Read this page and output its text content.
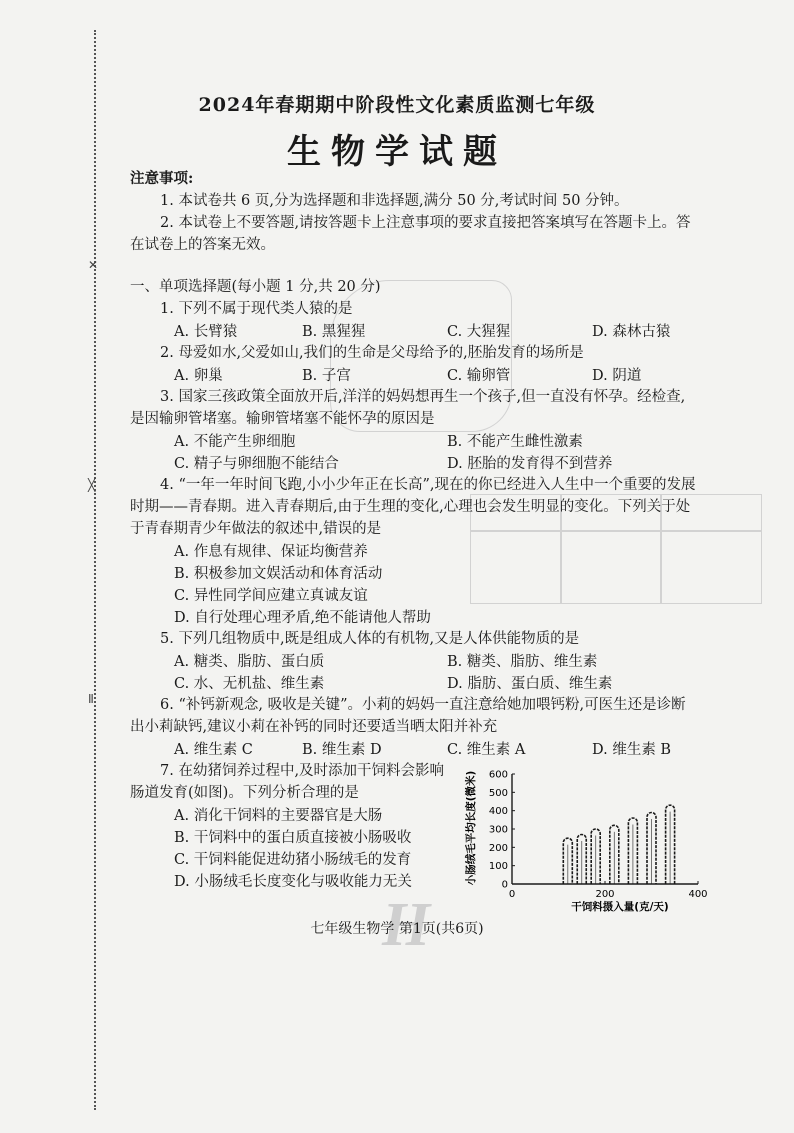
✕
╳
Ⅱ
2024年春期期中阶段性文化素质监测七年级
生物学试题
注意事项:
1. 本试卷共 6 页,分为选择题和非选择题,满分 50 分,考试时间 50 分钟。
2. 本试卷上不要答题,请按答题卡上注意事项的要求直接把答案填写在答题卡上。答
在试卷上的答案无效。
一、单项选择题(每小题 1 分,共 20 分)
1. 下列不属于现代类人猿的是
A. 长臂猿	B. 黑猩猩	C. 大猩猩	D. 森林古猿
2. 母爱如水,父爱如山,我们的生命是父母给予的,胚胎发育的场所是
A. 卵巢	B. 子宫	C. 输卵管	D. 阴道
3. 国家三孩政策全面放开后,洋洋的妈妈想再生一个孩子,但一直没有怀孕。经检查,
是因输卵管堵塞。输卵管堵塞不能怀孕的原因是
A. 不能产生卵细胞	B. 不能产生雌性激素
C. 精子与卵细胞不能结合	D. 胚胎的发育得不到营养
4. “一年一年时间飞跑,小小少年正在长高”,现在的你已经进入人生中一个重要的发展
时期——青春期。进入青春期后,由于生理的变化,心理也会发生明显的变化。下列关于处
于青春期青少年做法的叙述中,错误的是
A. 作息有规律、保证均衡营养
B. 积极参加文娱活动和体育活动
C. 异性同学间应建立真诚友谊
D. 自行处理心理矛盾,绝不能请他人帮助
5. 下列几组物质中,既是组成人体的有机物,又是人体供能物质的是
A. 糖类、脂肪、蛋白质	B. 糖类、脂肪、维生素
C. 水、无机盐、维生素	D. 脂肪、蛋白质、维生素
6. “补钙新观念, 吸收是关键”。小莉的妈妈一直注意给她加喂钙粉,可医生还是诊断
出小莉缺钙,建议小莉在补钙的同时还要适当晒太阳并补充
A. 维生素 C	B. 维生素 D	C. 维生素 A	D. 维生素 B
7. 在幼猪饲养过程中,及时添加干饲料会影响
肠道发育(如图)。下列分析合理的是
A. 消化干饲料的主要器官是大肠
B. 干饲料中的蛋白质直接被小肠吸收
C. 干饲料能促进幼猪小肠绒毛的发育
D. 小肠绒毛长度变化与吸收能力无关	0
100
200
300
400
500
600
0	200	400
小肠绒毛平均长度(微米)
干饲料摄入量(克/天)
H
七年级生物学 第1页(共6页)
